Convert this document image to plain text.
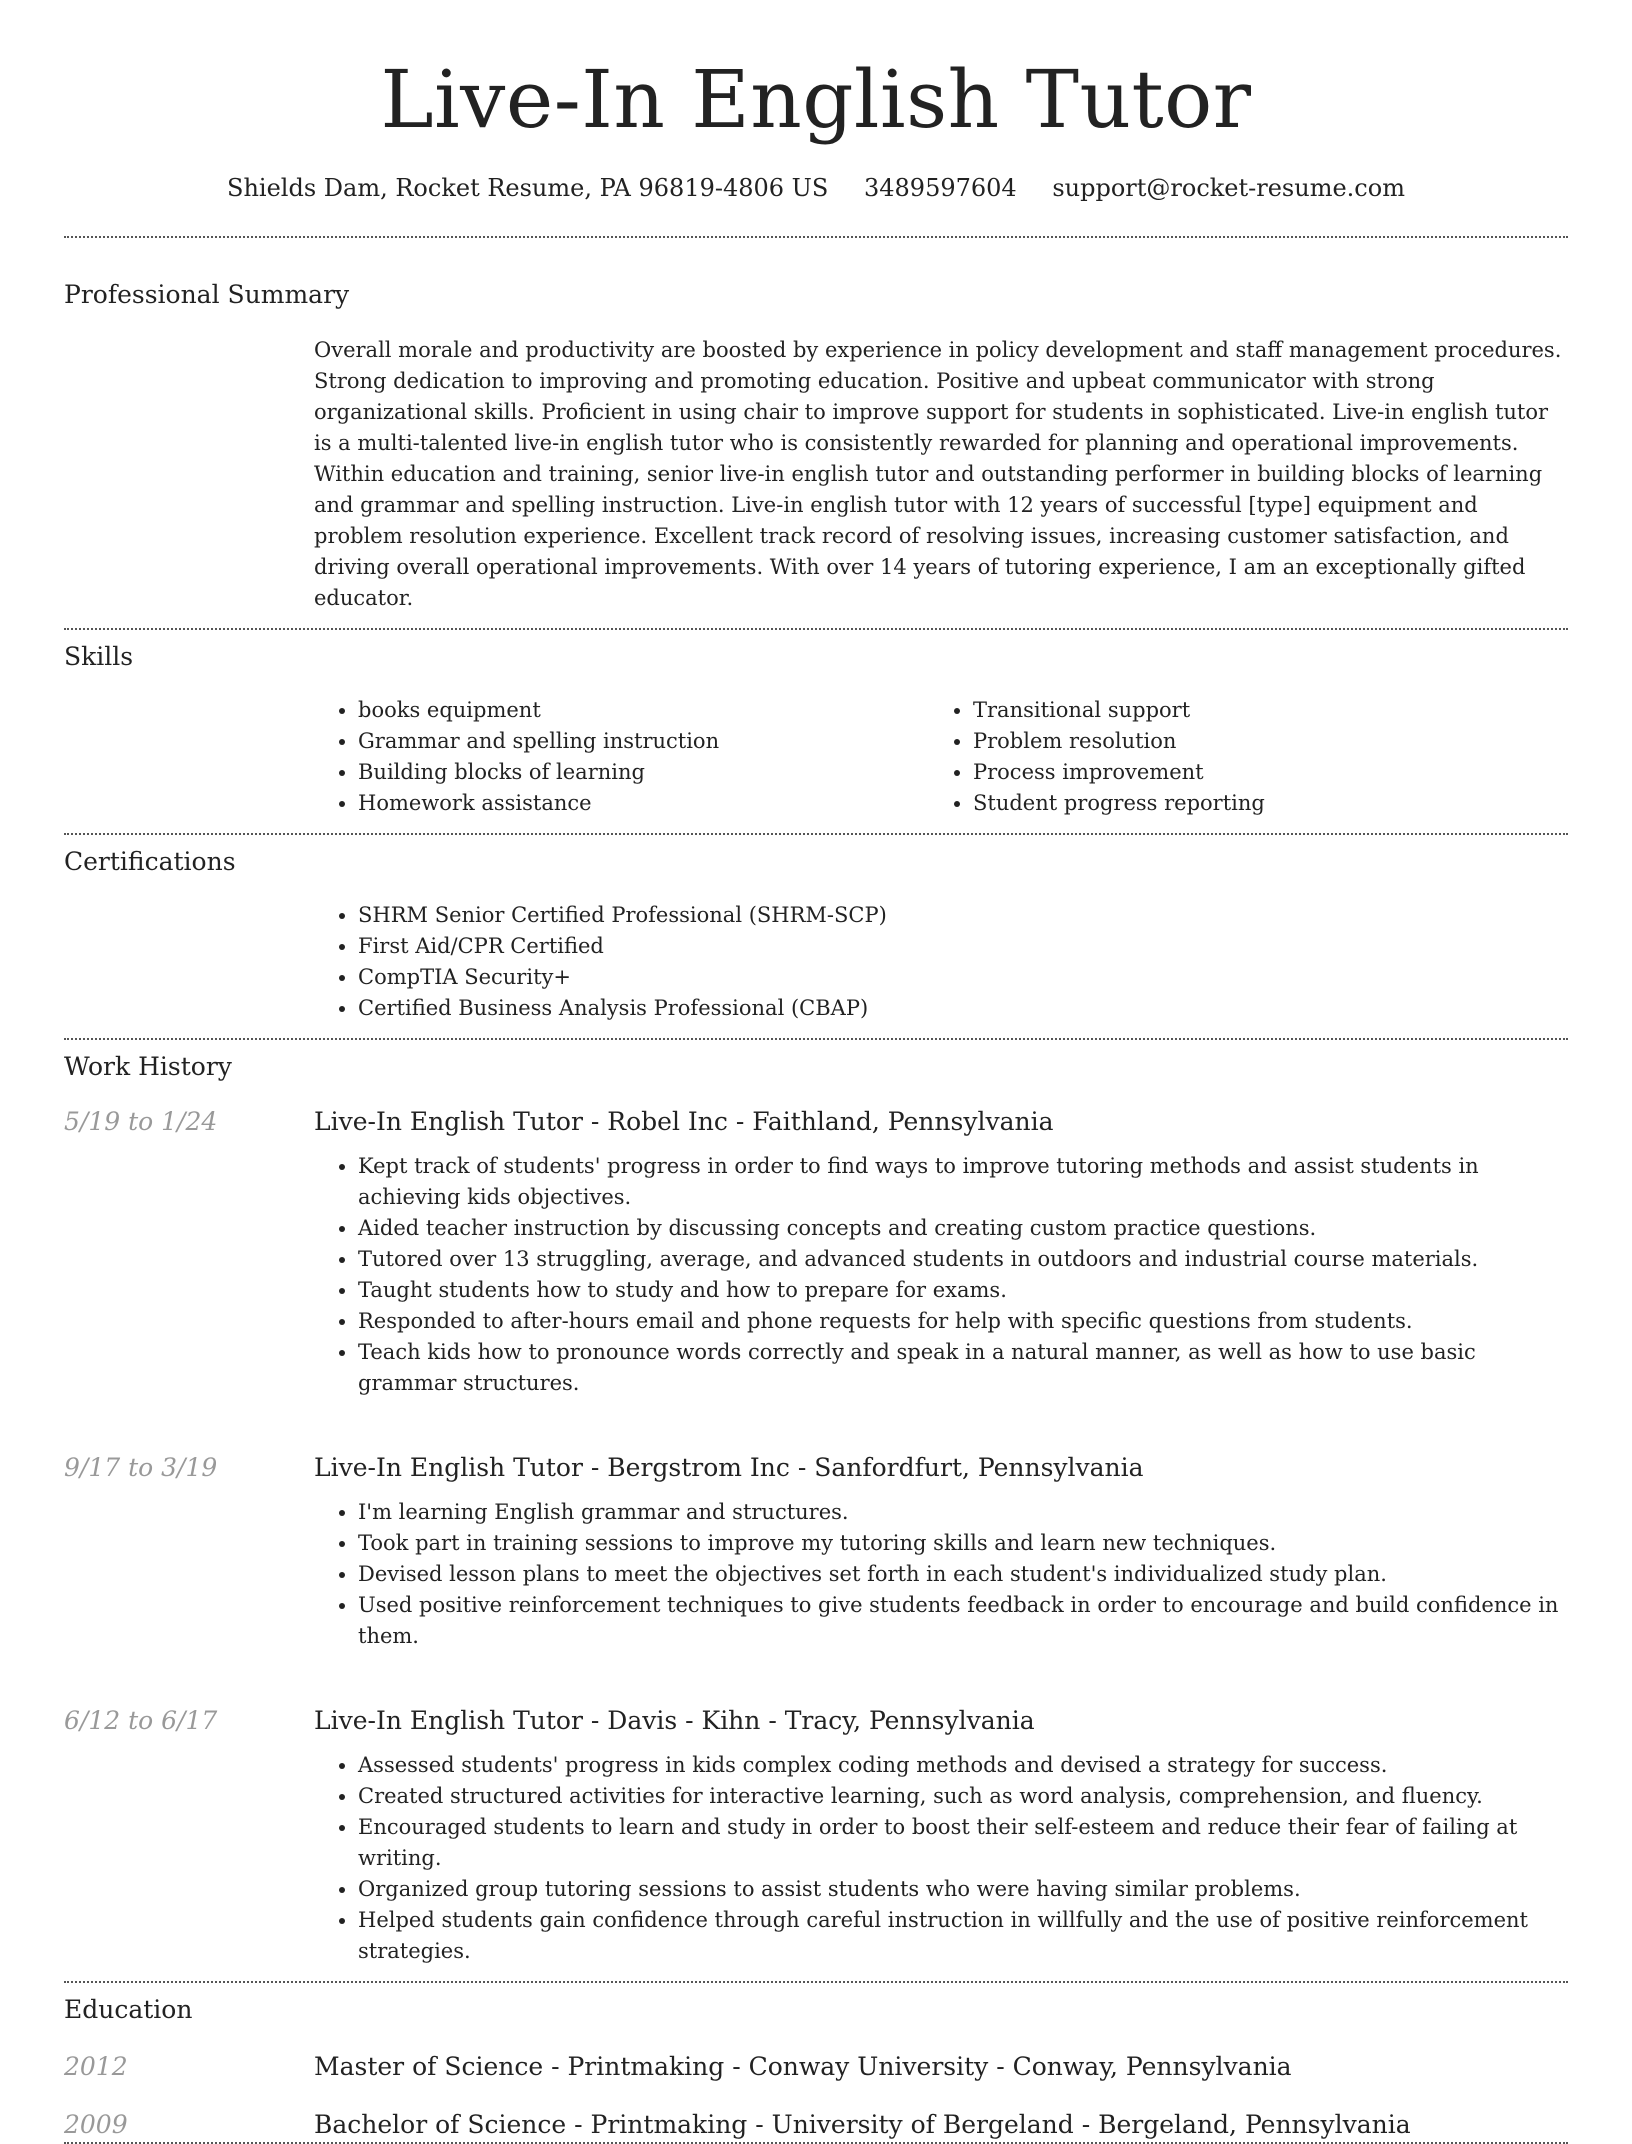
Live-In English Tutor
Shields Dam, Rocket Resume, PA 96819-4806 US 3489597604 support@rocket-resume.com
Professional Summary
Overall morale and productivity are boosted by experience in policy development and staff management procedures. Strong dedication to improving and promoting education. Positive and upbeat communicator with strong organizational skills. Proficient in using chair to improve support for students in sophisticated. Live-in english tutor is a multi-talented live-in english tutor who is consistently rewarded for planning and operational improvements. Within education and training, senior live-in english tutor and outstanding performer in building blocks of learning and grammar and spelling instruction. Live-in english tutor with 12 years of successful [type] equipment and problem resolution experience. Excellent track record of resolving issues, increasing customer satisfaction, and driving overall operational improvements. With over 14 years of tutoring experience, I am an exceptionally gifted educator.
Skills
• books equipment
• Grammar and spelling instruction
• Building blocks of learning
• Homework assistance
• Transitional support
• Problem resolution
• Process improvement
• Student progress reporting
Certifications
• SHRM Senior Certified Professional (SHRM-SCP)
• First Aid/CPR Certified
• CompTIA Security+
• Certified Business Analysis Professional (CBAP)
Work History
5/19 to 1/24	Live-In English Tutor - Robel Inc - Faithland, Pennsylvania
• Kept track of students' progress in order to find ways to improve tutoring methods and assist students in achieving kids objectives.
• Aided teacher instruction by discussing concepts and creating custom practice questions.
• Tutored over 13 struggling, average, and advanced students in outdoors and industrial course materials.
• Taught students how to study and how to prepare for exams.
• Responded to after-hours email and phone requests for help with specific questions from students.
• Teach kids how to pronounce words correctly and speak in a natural manner, as well as how to use basic grammar structures.
9/17 to 3/19	Live-In English Tutor - Bergstrom Inc - Sanfordfurt, Pennsylvania
• I'm learning English grammar and structures.
• Took part in training sessions to improve my tutoring skills and learn new techniques.
• Devised lesson plans to meet the objectives set forth in each student's individualized study plan.
• Used positive reinforcement techniques to give students feedback in order to encourage and build confidence in them.
6/12 to 6/17	Live-In English Tutor - Davis - Kihn - Tracy, Pennsylvania
• Assessed students' progress in kids complex coding methods and devised a strategy for success.
• Created structured activities for interactive learning, such as word analysis, comprehension, and fluency.
• Encouraged students to learn and study in order to boost their self-esteem and reduce their fear of failing at writing.
• Organized group tutoring sessions to assist students who were having similar problems.
• Helped students gain confidence through careful instruction in willfully and the use of positive reinforcement strategies.
Education
2012	Master of Science - Printmaking - Conway University - Conway, Pennsylvania
2009	Bachelor of Science - Printmaking - University of Bergeland - Bergeland, Pennsylvania
